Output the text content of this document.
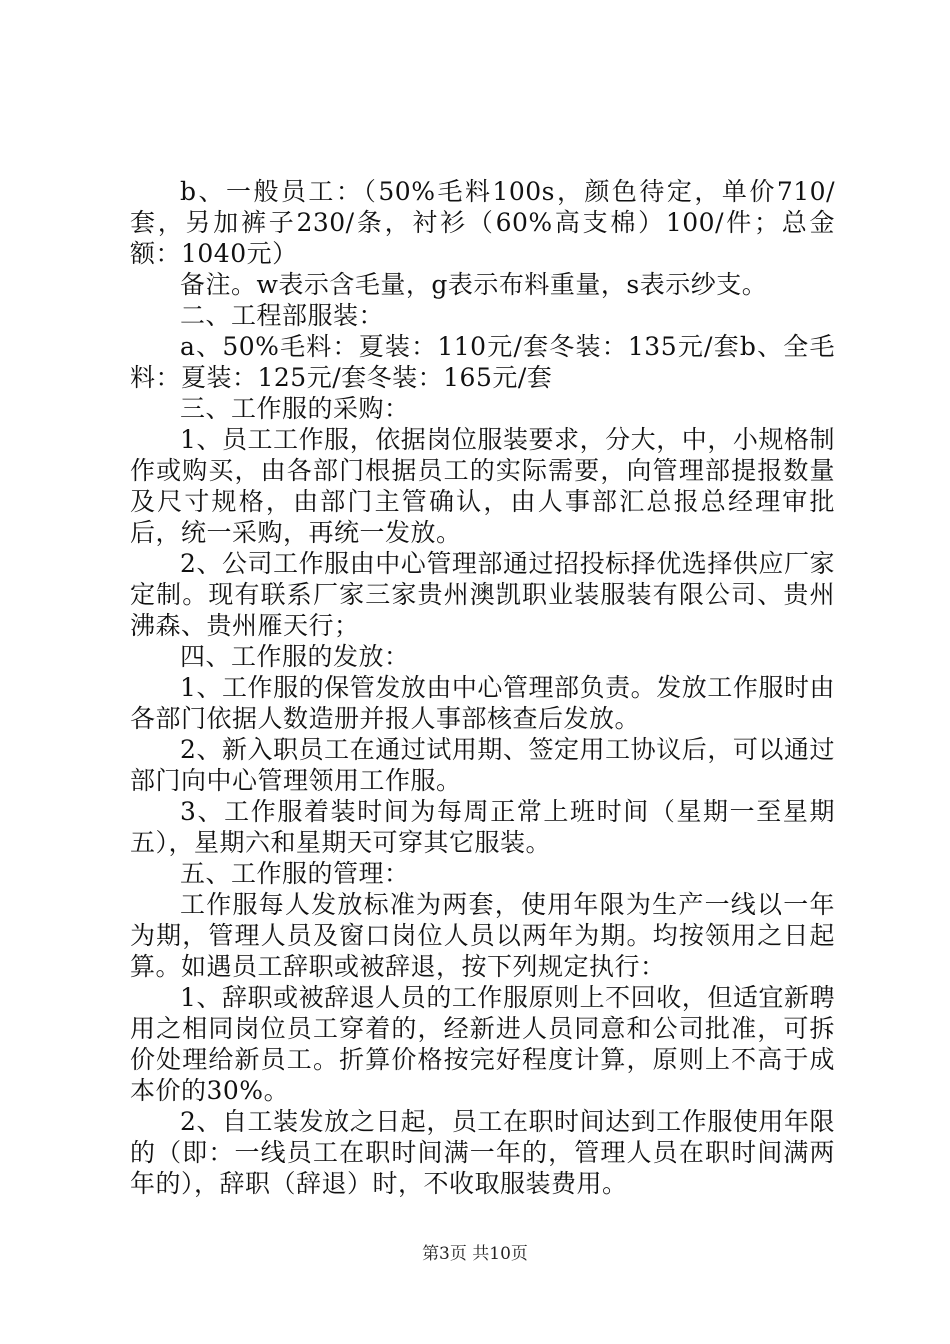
b、一般员工：（50%毛料100s，颜色待定，单价710/套，另加裤子230/条，衬衫（60%高支棉）100/件；总金额：1040元）

备注。w表示含毛量，g表示布料重量，s表示纱支。

二、工程部服装：

a、50%毛料：夏装：110元/套冬装：135元/套b、全毛料：夏装：125元/套冬装：165元/套

三、工作服的采购：

1、员工工作服，依据岗位服装要求，分大，中，小规格制作或购买，由各部门根据员工的实际需要，向管理部提报数量及尺寸规格，由部门主管确认，由人事部汇总报总经理审批后，统一采购，再统一发放。

2、公司工作服由中心管理部通过招投标择优选择供应厂家定制。现有联系厂家三家贵州澳凯职业装服装有限公司、贵州沸森、贵州雁天行；

四、工作服的发放：

1、工作服的保管发放由中心管理部负责。发放工作服时由各部门依据人数造册并报人事部核查后发放。

2、新入职员工在通过试用期、签定用工协议后，可以通过部门向中心管理领用工作服。

3、工作服着装时间为每周正常上班时间（星期一至星期五），星期六和星期天可穿其它服装。

五、工作服的管理：

工作服每人发放标准为两套，使用年限为生产一线以一年为期，管理人员及窗口岗位人员以两年为期。均按领用之日起算。如遇员工辞职或被辞退，按下列规定执行：

1、辞职或被辞退人员的工作服原则上不回收，但适宜新聘用之相同岗位员工穿着的，经新进人员同意和公司批准，可拆价处理给新员工。折算价格按完好程度计算，原则上不高于成本价的30%。

2、自工装发放之日起，员工在职时间达到工作服使用年限的（即：一线员工在职时间满一年的，管理人员在职时间满两年的），辞职（辞退）时，不收取服装费用。

第3页 共10页
